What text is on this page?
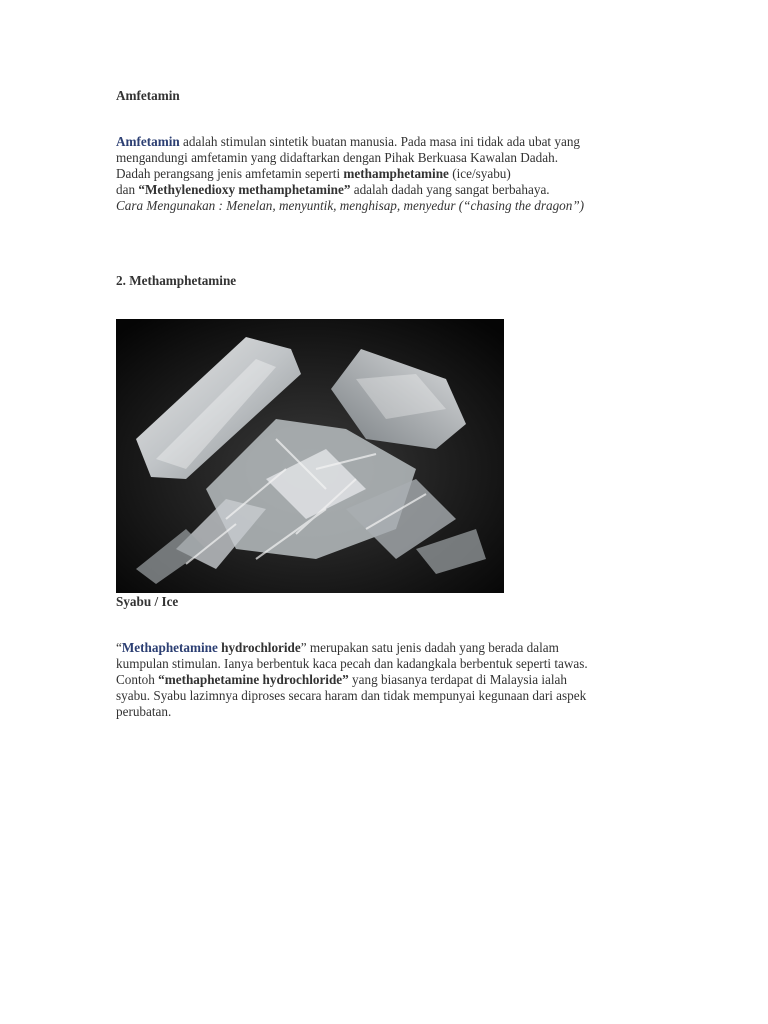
Amfetamin
Amfetamin adalah stimulan sintetik buatan manusia. Pada masa ini tidak ada ubat yang
mengandungi amfetamin yang didaftarkan dengan Pihak Berkuasa Kawalan Dadah.
Dadah perangsang jenis amfetamin seperti methamphetamine (ice/syabu)
dan “Methylenedioxy methamphetamine” adalah dadah yang sangat berbahaya.
Cara Mengunakan : Menelan, menyuntik, menghisap, menyedur (“chasing the dragon”)
2. Methamphetamine
Syabu / Ice
“Methaphetamine hydrochloride” merupakan satu jenis dadah yang berada dalam
kumpulan stimulan. Ianya berbentuk kaca pecah dan kadangkala berbentuk seperti tawas.
Contoh “methaphetamine hydrochloride” yang biasanya terdapat di Malaysia ialah
syabu. Syabu lazimnya diproses secara haram dan tidak mempunyai kegunaan dari aspek
perubatan.
